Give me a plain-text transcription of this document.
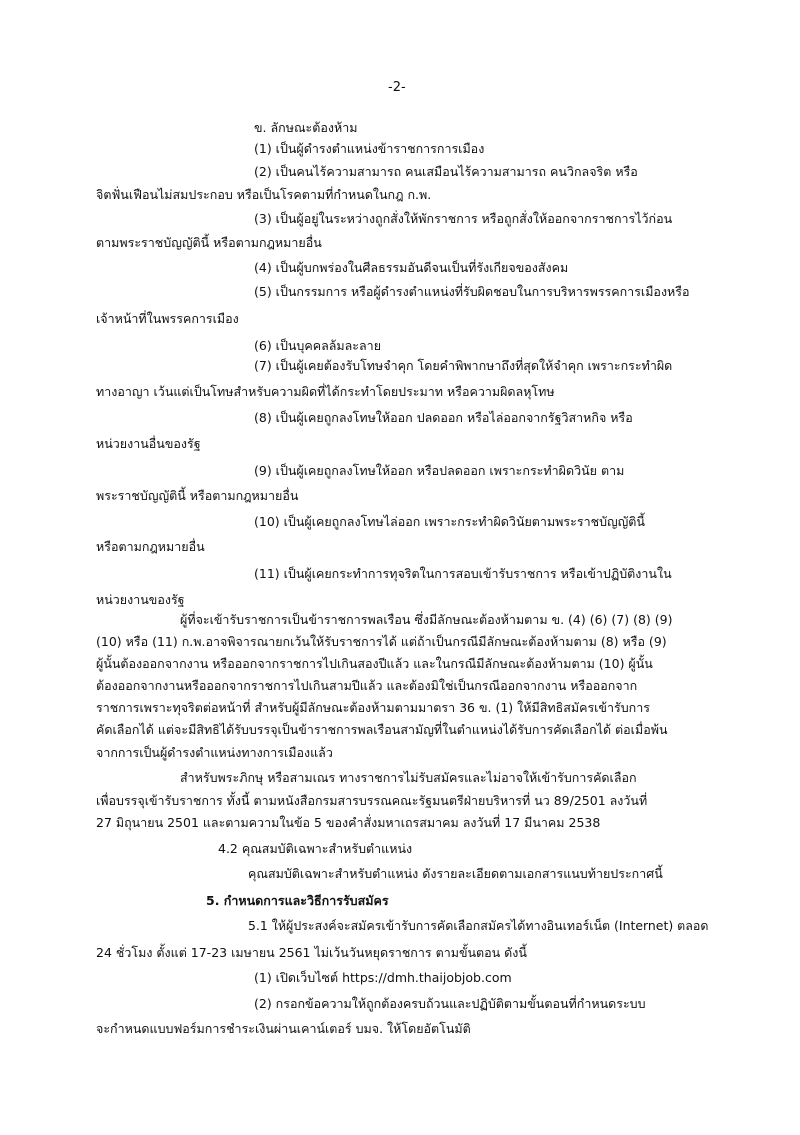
-2-
ข. ลักษณะต้องห้าม
(1) เป็นผู้ดำรงตำแหน่งข้าราชการการเมือง
(2) เป็นคนไร้ความสามารถ คนเสมือนไร้ความสามารถ คนวิกลจริต หรือ
จิตฟั่นเฟือนไม่สมประกอบ หรือเป็นโรคตามที่กำหนดในกฎ ก.พ.
(3) เป็นผู้อยู่ในระหว่างถูกสั่งให้พักราชการ หรือถูกสั่งให้ออกจากราชการไว้ก่อน
ตามพระราชบัญญัตินี้ หรือตามกฎหมายอื่น
(4) เป็นผู้บกพร่องในศีลธรรมอันดีจนเป็นที่รังเกียจของสังคม
(5) เป็นกรรมการ หรือผู้ดำรงตำแหน่งที่รับผิดชอบในการบริหารพรรคการเมืองหรือ
เจ้าหน้าที่ในพรรคการเมือง
(6) เป็นบุคคลล้มละลาย
(7) เป็นผู้เคยต้องรับโทษจำคุก โดยคำพิพากษาถึงที่สุดให้จำคุก เพราะกระทำผิด
ทางอาญา เว้นแต่เป็นโทษสำหรับความผิดที่ได้กระทำโดยประมาท หรือความผิดลหุโทษ
(8) เป็นผู้เคยถูกลงโทษให้ออก ปลดออก หรือไล่ออกจากรัฐวิสาหกิจ หรือ
หน่วยงานอื่นของรัฐ
(9) เป็นผู้เคยถูกลงโทษให้ออก หรือปลดออก เพราะกระทำผิดวินัย ตาม
พระราชบัญญัตินี้ หรือตามกฎหมายอื่น
(10) เป็นผู้เคยถูกลงโทษไล่ออก เพราะกระทำผิดวินัยตามพระราชบัญญัตินี้
หรือตามกฎหมายอื่น
(11) เป็นผู้เคยกระทำการทุจริตในการสอบเข้ารับราชการ หรือเข้าปฏิบัติงานใน
หน่วยงานของรัฐ
ผู้ที่จะเข้ารับราชการเป็นข้าราชการพลเรือน ซึ่งมีลักษณะต้องห้ามตาม ข. (4) (6) (7) (8) (9)
(10) หรือ (11) ก.พ.อาจพิจารณายกเว้นให้รับราชการได้ แต่ถ้าเป็นกรณีมีลักษณะต้องห้ามตาม (8) หรือ (9)
ผู้นั้นต้องออกจากงาน หรือออกจากราชการไปเกินสองปีแล้ว และในกรณีมีลักษณะต้องห้ามตาม (10) ผู้นั้น
ต้องออกจากงานหรือออกจากราชการไปเกินสามปีแล้ว และต้องมิใช่เป็นกรณีออกจากงาน หรือออกจาก
ราชการเพราะทุจริตต่อหน้าที่ สำหรับผู้มีลักษณะต้องห้ามตามมาตรา 36 ข. (1) ให้มีสิทธิสมัครเข้ารับการ
คัดเลือกได้ แต่จะมีสิทธิได้รับบรรจุเป็นข้าราชการพลเรือนสามัญที่ในตำแหน่งได้รับการคัดเลือกได้ ต่อเมื่อพ้น
จากการเป็นผู้ดำรงตำแหน่งทางการเมืองแล้ว
สำหรับพระภิกษุ หรือสามเณร ทางราชการไม่รับสมัครและไม่อาจให้เข้ารับการคัดเลือก
เพื่อบรรจุเข้ารับราชการ ทั้งนี้ ตามหนังสือกรมสารบรรณคณะรัฐมนตรีฝ่ายบริหารที่ นว 89/2501 ลงวันที่
27 มิถุนายน 2501 และตามความในข้อ 5 ของคำสั่งมหาเถรสมาคม ลงวันที่ 17 มีนาคม 2538
4.2 คุณสมบัติเฉพาะสำหรับตำแหน่ง
คุณสมบัติเฉพาะสำหรับตำแหน่ง ดังรายละเอียดตามเอกสารแนบท้ายประกาศนี้
5. กำหนดการและวิธีการรับสมัคร
5.1 ให้ผู้ประสงค์จะสมัครเข้ารับการคัดเลือกสมัครได้ทางอินเทอร์เน็ต (Internet) ตลอด
24 ชั่วโมง ตั้งแต่ 17-23 เมษายน 2561 ไม่เว้นวันหยุดราชการ ตามขั้นตอน ดังนี้
(1) เปิดเว็บไซต์ https://dmh.thaijobjob.com
(2) กรอกข้อความให้ถูกต้องครบถ้วนและปฏิบัติตามขั้นตอนที่กำหนดระบบ
จะกำหนดแบบฟอร์มการชำระเงินผ่านเคาน์เตอร์ บมจ. ให้โดยอัตโนมัติ
